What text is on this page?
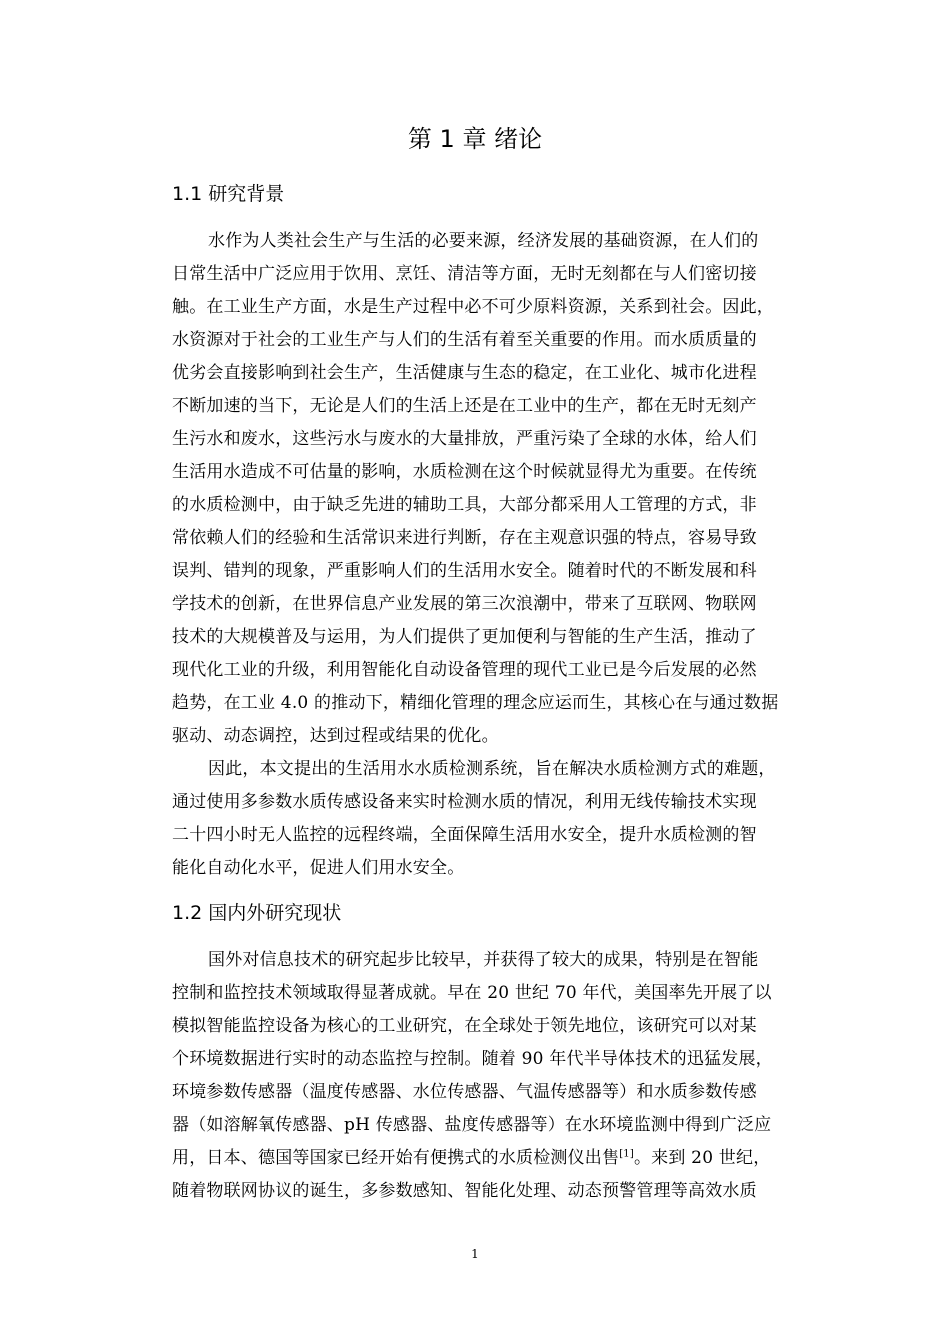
第 1 章 绪论
1.1 研究背景
水作为人类社会生产与生活的必要来源，经济发展的基础资源，在人们的
日常生活中广泛应用于饮用、烹饪、清洁等方面，无时无刻都在与人们密切接
触。在工业生产方面，水是生产过程中必不可少原料资源，关系到社会。因此，
水资源对于社会的工业生产与人们的生活有着至关重要的作用。而水质质量的
优劣会直接影响到社会生产，生活健康与生态的稳定，在工业化、城市化进程
不断加速的当下，无论是人们的生活上还是在工业中的生产，都在无时无刻产
生污水和废水，这些污水与废水的大量排放，严重污染了全球的水体，给人们
生活用水造成不可估量的影响，水质检测在这个时候就显得尤为重要。在传统
的水质检测中，由于缺乏先进的辅助工具，大部分都采用人工管理的方式，非
常依赖人们的经验和生活常识来进行判断，存在主观意识强的特点，容易导致
误判、错判的现象，严重影响人们的生活用水安全。随着时代的不断发展和科
学技术的创新，在世界信息产业发展的第三次浪潮中，带来了互联网、物联网
技术的大规模普及与运用，为人们提供了更加便利与智能的生产生活，推动了
现代化工业的升级，利用智能化自动设备管理的现代工业已是今后发展的必然
趋势，在工业 4.0 的推动下，精细化管理的理念应运而生，其核心在与通过数据
驱动、动态调控，达到过程或结果的优化。
因此，本文提出的生活用水水质检测系统，旨在解决水质检测方式的难题，
通过使用多参数水质传感设备来实时检测水质的情况，利用无线传输技术实现
二十四小时无人监控的远程终端，全面保障生活用水安全，提升水质检测的智
能化自动化水平，促进人们用水安全。
1.2 国内外研究现状
国外对信息技术的研究起步比较早，并获得了较大的成果，特别是在智能
控制和监控技术领域取得显著成就。早在 20 世纪 70 年代，美国率先开展了以
模拟智能监控设备为核心的工业研究，在全球处于领先地位，该研究可以对某
个环境数据进行实时的动态监控与控制。随着 90 年代半导体技术的迅猛发展，
环境参数传感器（温度传感器、水位传感器、气温传感器等）和水质参数传感
器（如溶解氧传感器、pH 传感器、盐度传感器等）在水环境监测中得到广泛应
用，日本、德国等国家已经开始有便携式的水质检测仪出售[1]。来到 20 世纪，
随着物联网协议的诞生，多参数感知、智能化处理、动态预警管理等高效水质
1
